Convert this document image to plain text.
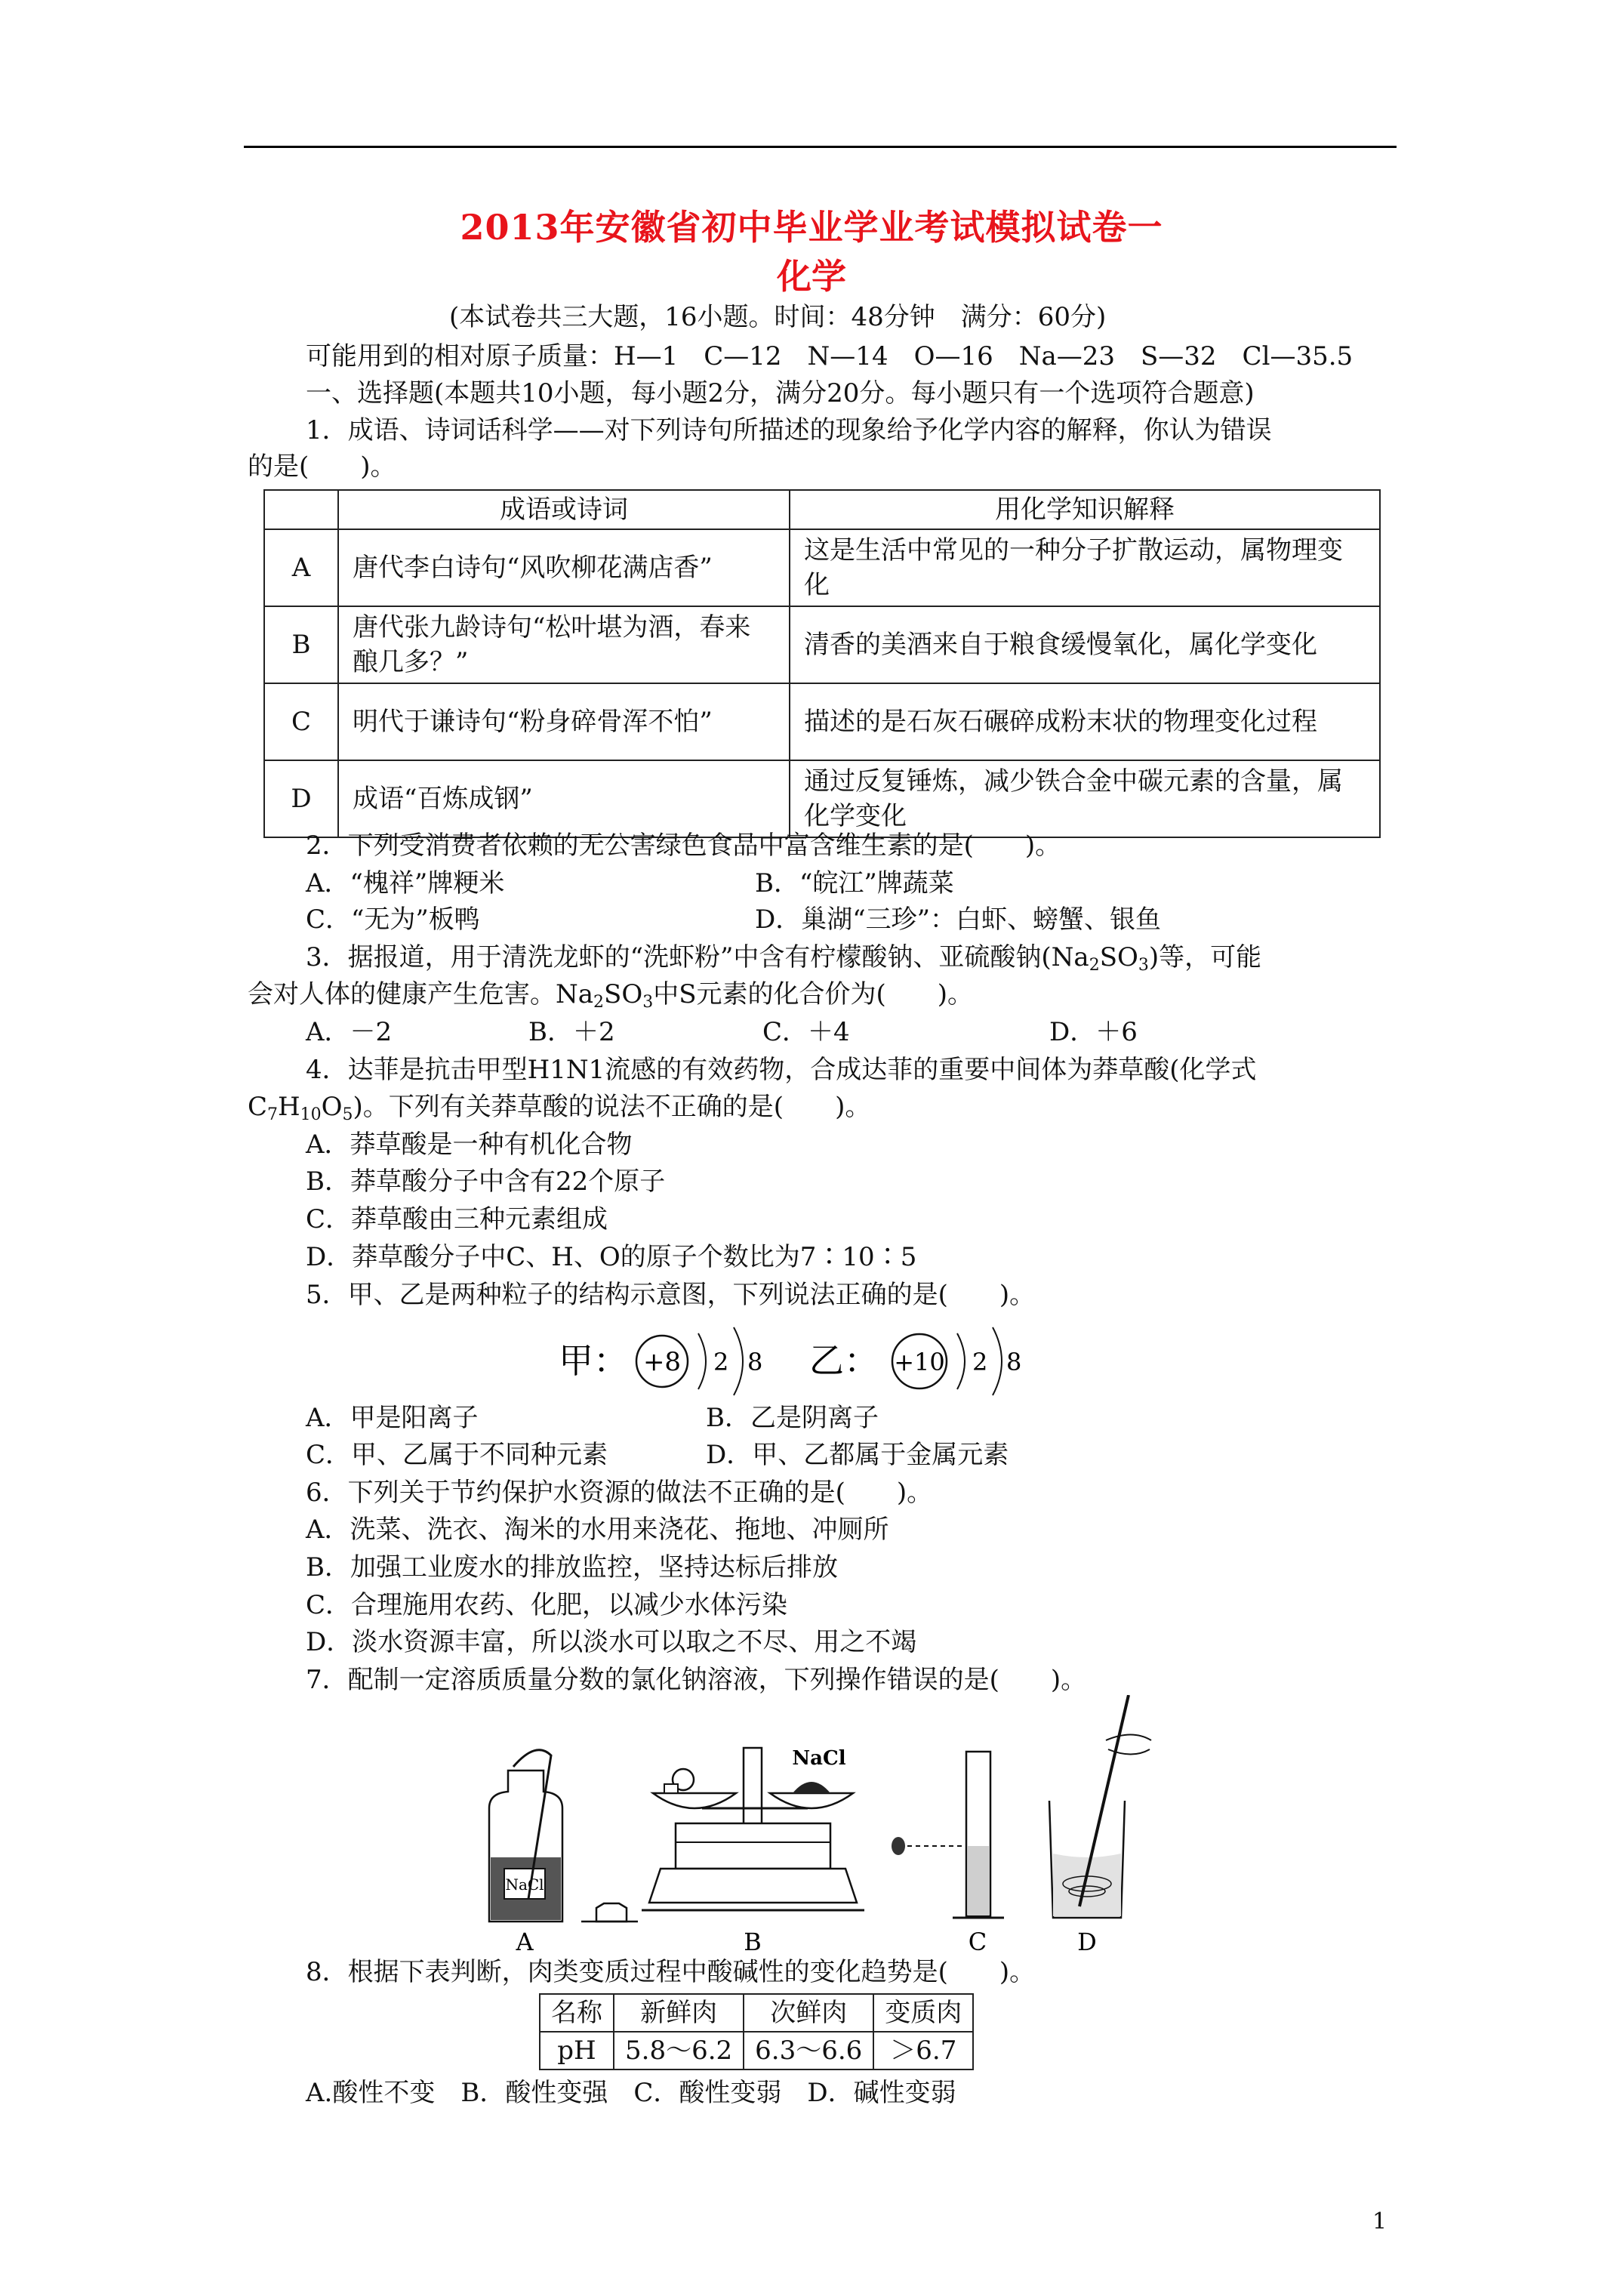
2013年安徽省初中毕业学业考试模拟试卷一
化学
(本试卷共三大题，16小题。时间：48分钟　满分：60分)
可能用到的相对原子质量：H—1　C—12　N—14　O—16　Na—23　S—32　Cl—35.5
一、选择题(本题共10小题，每小题2分，满分20分。每小题只有一个选项符合题意)
1．成语、诗词话科学——对下列诗句所描述的现象给予化学内容的解释，你认为错误
的是(　　)。
	成语或诗词	用化学知识解释
A	唐代李白诗句“风吹柳花满店香”	这是生活中常见的一种分子扩散运动，属物理变化
B	唐代张九龄诗句“松叶堪为酒，春来酿几多？”	清香的美酒来自于粮食缓慢氧化，属化学变化
C	明代于谦诗句“粉身碎骨浑不怕”	描述的是石灰石碾碎成粉末状的物理变化过程
D	成语“百炼成钢”	通过反复锤炼，减少铁合金中碳元素的含量，属化学变化
2．下列受消费者依赖的无公害绿色食品中富含维生素的是(　　)。
A．“槐祥”牌粳米	B．“皖江”牌蔬菜
C．“无为”板鸭	D．巢湖“三珍”：白虾、螃蟹、银鱼
3．据报道，用于清洗龙虾的“洗虾粉”中含有柠檬酸钠、亚硫酸钠$(Na_2SO_3)$等，可能
会对人体的健康产生危害。$Na_2SO_3$中S元素的化合价为(　　)。
A．－2	B．＋2	C．＋4	D．＋6
4．达菲是抗击甲型H1N1流感的有效药物，合成达菲的重要中间体为莽草酸(化学式
$C_7H_{10}O_5$)。下列有关莽草酸的说法不正确的是(　　)。
A．莽草酸是一种有机化合物
B．莽草酸分子中含有22个原子
C．莽草酸由三种元素组成
D．莽草酸分子中C、H、O的原子个数比为7∶10∶5
5．甲、乙是两种粒子的结构示意图，下列说法正确的是(　　)。
甲： +8 2 8 乙： +10 2 8
A．甲是阳离子	B．乙是阴离子
C．甲、乙属于不同种元素	D．甲、乙都属于金属元素
6．下列关于节约保护水资源的做法不正确的是(　　)。
A．洗菜、洗衣、淘米的水用来浇花、拖地、冲厕所
B．加强工业废水的排放监控，坚持达标后排放
C．合理施用农药、化肥，以减少水体污染
D．淡水资源丰富，所以淡水可以取之不尽、用之不竭
7．配制一定溶质质量分数的氯化钠溶液，下列操作错误的是(　　)。
NaCl
A
NaCl
B	C	D
8．根据下表判断，肉类变质过程中酸碱性的变化趋势是(　　)。
名称	新鲜肉	次鲜肉	变质肉
pH	5.8～6.2	6.3～6.6	＞6.7
A.酸性不变　B．酸性变强　C．酸性变弱　D．碱性变弱
1
